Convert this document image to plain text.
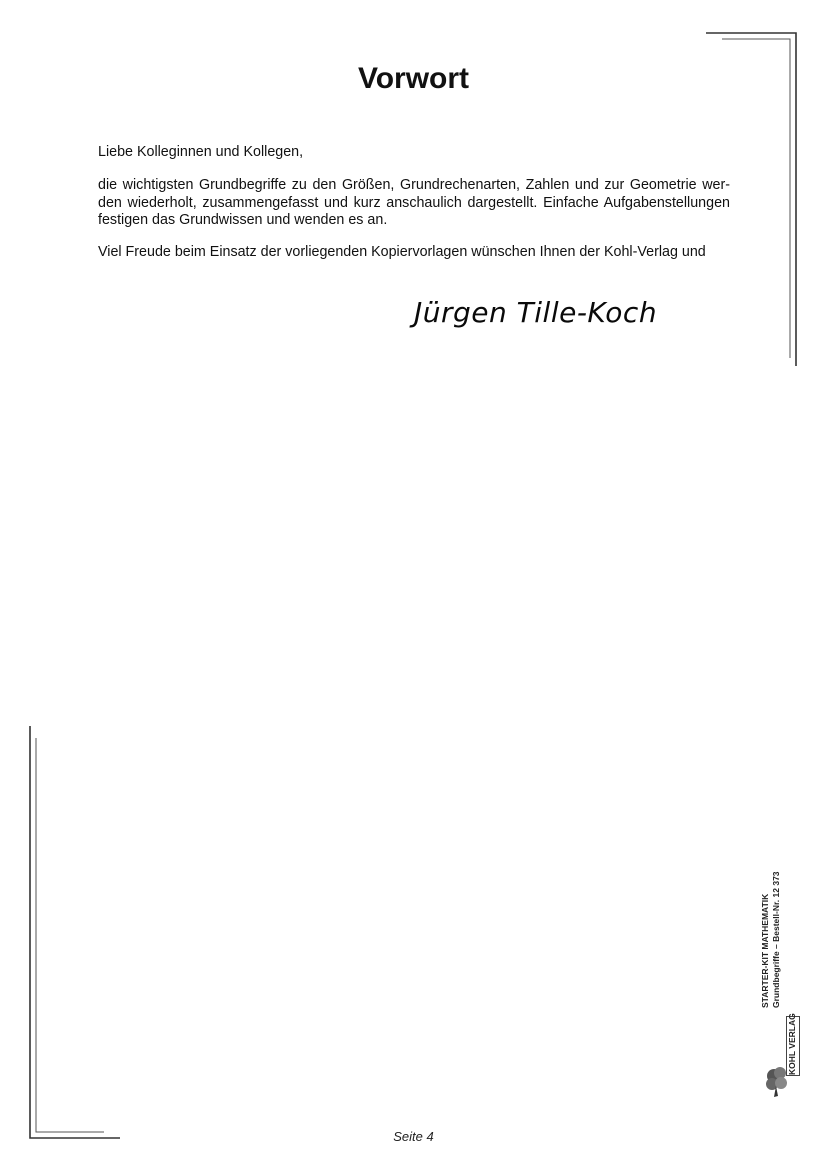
Vorwort

Liebe Kolleginnen und Kollegen,

die wichtigsten Grundbegriffe zu den Größen, Grundrechenarten, Zahlen und zur Geometrie wer-den wiederholt, zusammengefasst und kurz anschaulich dargestellt. Einfache Aufgabenstellungen festigen das Grundwissen und wenden es an.

Viel Freude beim Einsatz der vorliegenden Kopiervorlagen wünschen Ihnen der Kohl-Verlag und

Jürgen Tille-Koch
STARTER-KIT MATHEMATIK Grundbegriffe – Bestell-Nr. 12 373
KOHL VERLAG
Seite 4
